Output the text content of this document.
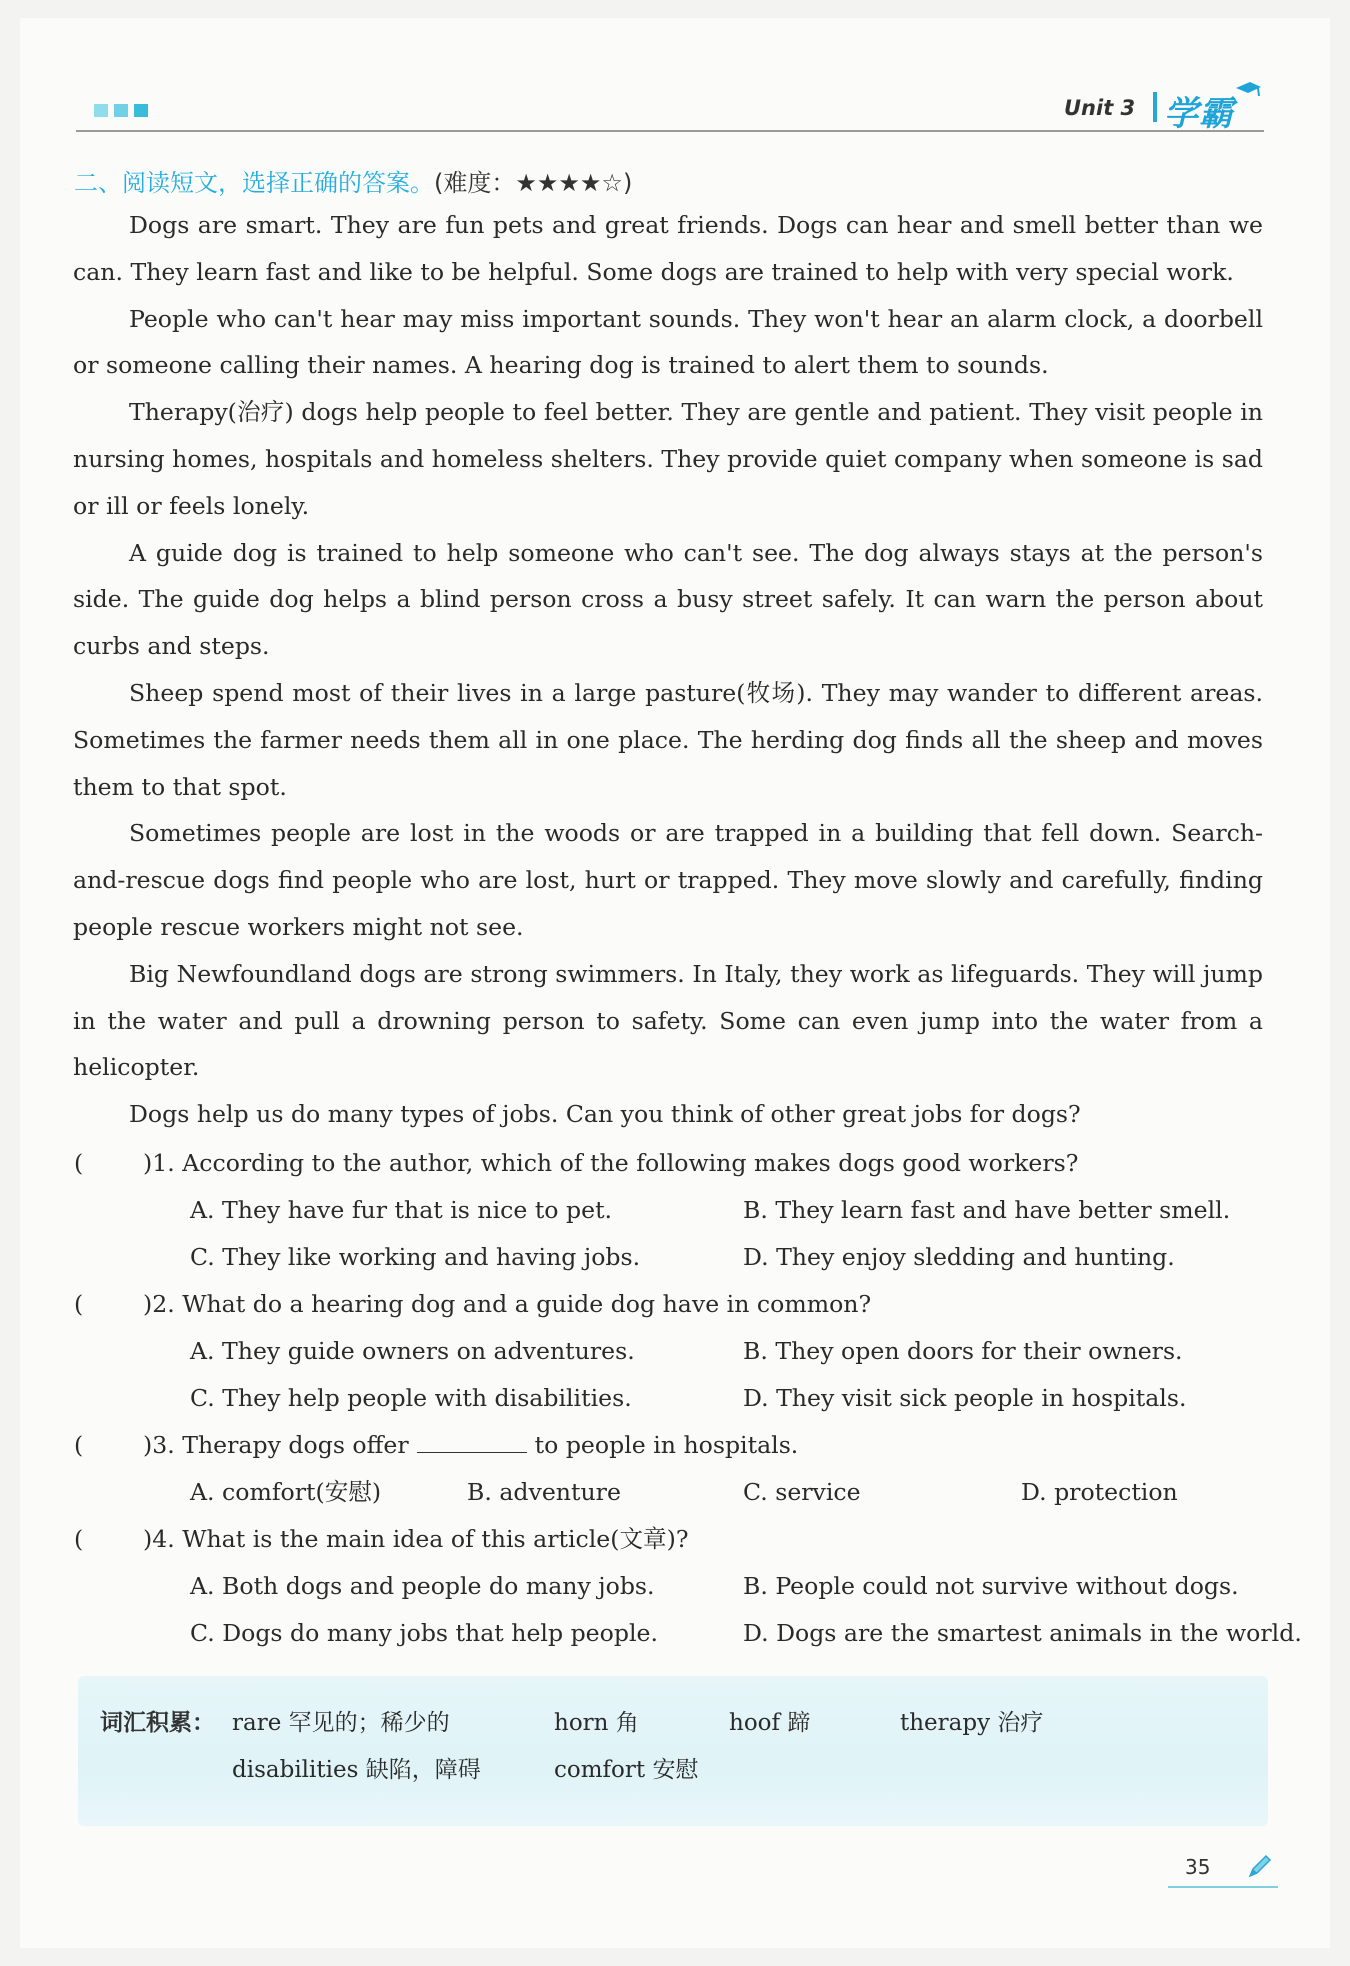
Unit 3 学霸
二、阅读短文，选择正确的答案。(难度：★★★★☆)

Dogs are smart. They are fun pets and great friends. Dogs can hear and smell better than we can. They learn fast and like to be helpful. Some dogs are trained to help with very special work.

People who can't hear may miss important sounds. They won't hear an alarm clock, a doorbell or someone calling their names. A hearing dog is trained to alert them to sounds.

Therapy(治疗) dogs help people to feel better. They are gentle and patient. They visit people in nursing homes, hospitals and homeless shelters. They provide quiet company when someone is sad or ill or feels lonely.

A guide dog is trained to help someone who can't see. The dog always stays at the person's side. The guide dog helps a blind person cross a busy street safely. It can warn the person about curbs and steps.

Sheep spend most of their lives in a large pasture(牧场). They may wander to different areas. Sometimes the farmer needs them all in one place. The herding dog finds all the sheep and moves them to that spot.

Sometimes people are lost in the woods or are trapped in a building that fell down. Search-and-rescue dogs find people who are lost, hurt or trapped. They move slowly and carefully, finding people rescue workers might not see.

Big Newfoundland dogs are strong swimmers. In Italy, they work as lifeguards. They will jump in the water and pull a drowning person to safety. Some can even jump into the water from a helicopter.

Dogs help us do many types of jobs. Can you think of other great jobs for dogs?

(	)1. According to the author, which of the following makes dogs good workers?
A. They have fur that is nice to pet.	B. They learn fast and have better smell.
C. They like working and having jobs.	D. They enjoy sledding and hunting.
(	)2. What do a hearing dog and a guide dog have in common?
A. They guide owners on adventures.	B. They open doors for their owners.
C. They help people with disabilities.	D. They visit sick people in hospitals.
(	)3. Therapy dogs offer	to people in hospitals.
A. comfort(安慰)	B. adventure	C. service	D. protection
(	)4. What is the main idea of this article(文章)?
A. Both dogs and people do many jobs.	B. People could not survive without dogs.
C. Dogs do many jobs that help people.	D. Dogs are the smartest animals in the world.
词汇积累： rare 罕见的；稀少的	horn 角	hoof 蹄	therapy 治疗
disabilities 缺陷，障碍	comfort 安慰
35
